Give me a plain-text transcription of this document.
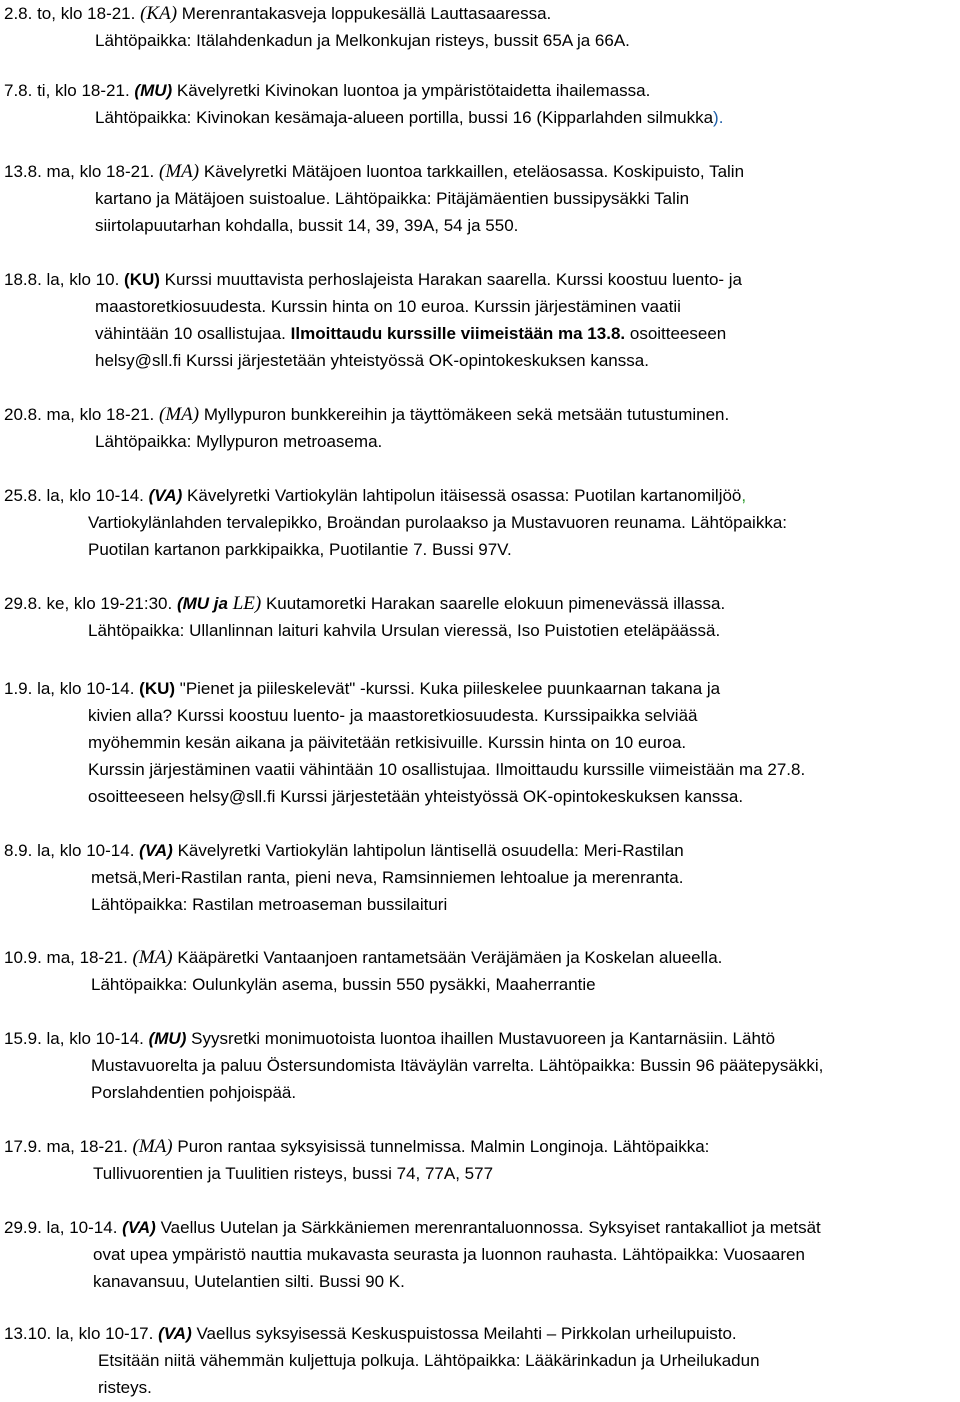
2.8. to, klo 18-21. (KA) Merenrantakasveja loppukesällä Lauttasaaressa.
Lähtöpaikka: Itälahdenkadun ja Melkonkujan risteys, bussit 65A ja 66A.
7.8. ti, klo 18-21. (MU) Kävelyretki Kivinokan luontoa ja ympäristötaidetta ihailemassa.
Lähtöpaikka: Kivinokan kesämaja-alueen portilla, bussi 16 (Kipparlahden silmukka).
13.8. ma, klo 18-21. (MA) Kävelyretki Mätäjoen luontoa tarkkaillen, eteläosassa. Koskipuisto, Talin
kartano ja Mätäjoen suistoalue. Lähtöpaikka: Pitäjämäentien bussipysäkki Talin
siirtolapuutarhan kohdalla, bussit 14, 39, 39A, 54 ja 550.
18.8. la, klo 10. (KU) Kurssi muuttavista perhoslajeista Harakan saarella. Kurssi koostuu luento- ja
maastoretkiosuudesta. Kurssin hinta on 10 euroa. Kurssin järjestäminen vaatii
vähintään 10 osallistujaa. Ilmoittaudu kurssille viimeistään ma 13.8. osoitteeseen
helsy@sll.fi Kurssi järjestetään yhteistyössä OK-opintokeskuksen kanssa.
20.8. ma, klo 18-21. (MA) Myllypuron bunkkereihin ja täyttömäkeen sekä metsään tutustuminen.
Lähtöpaikka: Myllypuron metroasema.
25.8. la, klo 10-14. (VA) Kävelyretki Vartiokylän lahtipolun itäisessä osassa: Puotilan kartanomiljöö,
Vartiokylänlahden tervalepikko, Broändan purolaakso ja Mustavuoren reunama. Lähtöpaikka:
Puotilan kartanon parkkipaikka, Puotilantie 7. Bussi 97V.
29.8. ke, klo 19-21:30. (MU ja LE) Kuutamoretki Harakan saarelle elokuun pimenevässä illassa.
Lähtöpaikka: Ullanlinnan laituri kahvila Ursulan vieressä, Iso Puistotien eteläpäässä.
1.9. la, klo 10-14. (KU) "Pienet ja piileskelevät" -kurssi. Kuka piileskelee puunkaarnan takana ja
kivien alla? Kurssi koostuu luento- ja maastoretkiosuudesta. Kurssipaikka selviää
myöhemmin kesän aikana ja päivitetään retkisivuille. Kurssin hinta on 10 euroa.
Kurssin järjestäminen vaatii vähintään 10 osallistujaa. Ilmoittaudu kurssille viimeistään ma 27.8.
osoitteeseen helsy@sll.fi Kurssi järjestetään yhteistyössä OK-opintokeskuksen kanssa.
8.9. la, klo 10-14. (VA) Kävelyretki Vartiokylän lahtipolun läntisellä osuudella: Meri-Rastilan
metsä,Meri-Rastilan ranta, pieni neva, Ramsinniemen lehtoalue ja merenranta.
Lähtöpaikka: Rastilan metroaseman bussilaituri
10.9. ma, 18-21. (MA) Kääpäretki Vantaanjoen rantametsään Veräjämäen ja Koskelan alueella.
Lähtöpaikka: Oulunkylän asema, bussin 550 pysäkki, Maaherrantie
15.9. la, klo 10-14. (MU) Syysretki monimuotoista luontoa ihaillen Mustavuoreen ja Kantarnäsiin. Lähtö
Mustavuorelta ja paluu Östersundomista Itäväylän varrelta. Lähtöpaikka: Bussin 96 päätepysäkki,
Porslahdentien pohjoispää.
17.9. ma, 18-21. (MA) Puron rantaa syksyisissä tunnelmissa. Malmin Longinoja. Lähtöpaikka:
Tullivuorentien ja Tuulitien risteys, bussi 74, 77A, 577
29.9. la, 10-14. (VA) Vaellus Uutelan ja Särkkäniemen merenrantaluonnossa. Syksyiset rantakalliot ja metsät
ovat upea ympäristö nauttia mukavasta seurasta ja luonnon rauhasta. Lähtöpaikka: Vuosaaren
kanavansuu, Uutelantien silti. Bussi 90 K.
13.10. la, klo 10-17. (VA) Vaellus syksyisessä Keskuspuistossa Meilahti – Pirkkolan urheilupuisto.
Etsitään niitä vähemmän kuljettuja polkuja. Lähtöpaikka: Lääkärinkadun ja Urheilukadun
risteys.
